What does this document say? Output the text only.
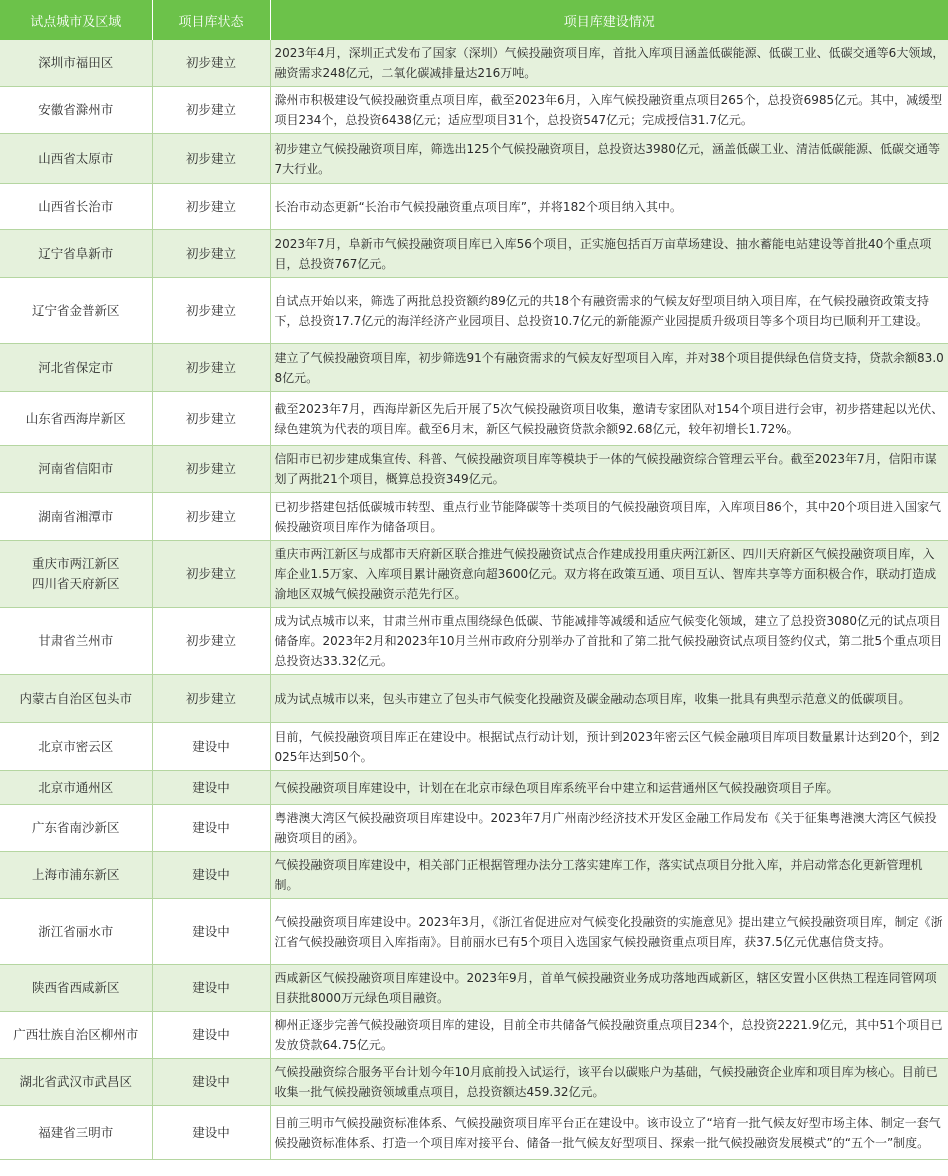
试点城市及区域	项目库状态	项目库建设情况

深圳市福田区	初步建立	2023年4月，深圳正式发布了国家（深圳）气候投融资项目库，首批入库项目涵盖低碳能源、低碳工业、低碳交通等6大领域，融资需求248亿元，二氧化碳减排量达216万吨。

安徽省滁州市	初步建立	滁州市积极建设气候投融资重点项目库，截至2023年6月，入库气候投融资重点项目265个，总投资6985亿元。其中，减缓型项目234个，总投资6438亿元；适应型项目31个，总投资547亿元；完成授信31.7亿元。

山西省太原市	初步建立	初步建立气候投融资项目库，筛选出125个气候投融资项目，总投资达3980亿元，涵盖低碳工业、清洁低碳能源、低碳交通等7大行业。

山西省长治市	初步建立	长治市动态更新“长治市气候投融资重点项目库”，并将182个项目纳入其中。

辽宁省阜新市	初步建立	2023年7月，阜新市气候投融资项目库已入库56个项目，正实施包括百万亩草场建设、抽水蓄能电站建设等首批40个重点项目，总投资767亿元。

辽宁省金普新区	初步建立	自试点开始以来，筛选了两批总投资额约89亿元的共18个有融资需求的气候友好型项目纳入项目库，在气候投融资政策支持下，总投资17.7亿元的海洋经济产业园项目、总投资10.7亿元的新能源产业园提质升级项目等多个项目均已顺利开工建设。

河北省保定市	初步建立	建立了气候投融资项目库，初步筛选91个有融资需求的气候友好型项目入库，并对38个项目提供绿色信贷支持，贷款余额83.08亿元。

山东省西海岸新区	初步建立	截至2023年7月，西海岸新区先后开展了5次气候投融资项目收集，邀请专家团队对154个项目进行会审，初步搭建起以光伏、绿色建筑为代表的项目库。截至6月末，新区气候投融资贷款余额92.68亿元，较年初增长1.72%。

河南省信阳市	初步建立	信阳市已初步建成集宣传、科普、气候投融资项目库等模块于一体的气候投融资综合管理云平台。截至2023年7月，信阳市谋划了两批21个项目，概算总投资349亿元。

湖南省湘潭市	初步建立	已初步搭建包括低碳城市转型、重点行业节能降碳等十类项目的气候投融资项目库，入库项目86个，其中20个项目进入国家气候投融资项目库作为储备项目。

重庆市两江新区
四川省天府新区	初步建立	重庆市两江新区与成都市天府新区联合推进气候投融资试点合作建成投用重庆两江新区、四川天府新区气候投融资项目库，入库企业1.5万家、入库项目累计融资意向超3600亿元。双方将在政策互通、项目互认、智库共享等方面积极合作，联动打造成渝地区双城气候投融资示范先行区。

甘肃省兰州市	初步建立	成为试点城市以来，甘肃兰州市重点围绕绿色低碳、节能减排等减缓和适应气候变化领域，建立了总投资3080亿元的试点项目储备库。2023年2月和2023年10月兰州市政府分别举办了首批和了第二批气候投融资试点项目签约仪式，第二批5个重点项目总投资达33.32亿元。

内蒙古自治区包头市	初步建立	成为试点城市以来，包头市建立了包头市气候变化投融资及碳金融动态项目库，收集一批具有典型示范意义的低碳项目。

北京市密云区	建设中	目前，气候投融资项目库正在建设中。根据试点行动计划，预计到2023年密云区气候金融项目库项目数量累计达到20个，到2025年达到50个。

北京市通州区	建设中	气候投融资项目库建设中，计划在在北京市绿色项目库系统平台中建立和运营通州区气候投融资项目子库。

广东省南沙新区	建设中	粤港澳大湾区气候投融资项目库建设中。2023年7月广州南沙经济技术开发区金融工作局发布《关于征集粤港澳大湾区气候投融资项目的函》。

上海市浦东新区	建设中	气候投融资项目库建设中，相关部门正根据管理办法分工落实建库工作，落实试点项目分批入库，并启动常态化更新管理机制。

浙江省丽水市	建设中	气候投融资项目库建设中。2023年3月，《浙江省促进应对气候变化投融资的实施意见》提出建立气候投融资项目库，制定《浙江省气候投融资项目入库指南》。目前丽水已有5个项目入选国家气候投融资重点项目库，获37.5亿元优惠信贷支持。

陕西省西咸新区	建设中	西咸新区气候投融资项目库建设中。2023年9月，首单气候投融资业务成功落地西咸新区，辖区安置小区供热工程连同管网项目获批8000万元绿色项目融资。

广西壮族自治区柳州市	建设中	柳州正逐步完善气候投融资项目库的建设，目前全市共储备气候投融资重点项目234个，总投资2221.9亿元，其中51个项目已发放贷款64.75亿元。

湖北省武汉市武昌区	建设中	气候投融资综合服务平台计划今年10月底前投入试运行，该平台以碳账户为基础，气候投融资企业库和项目库为核心。目前已收集一批气候投融资领域重点项目，总投资额达459.32亿元。

福建省三明市	建设中	目前三明市气候投融资标准体系、气候投融资项目库平台正在建设中。该市设立了“培育一批气候友好型市场主体、制定一套气候投融资标准体系、打造一个项目库对接平台、储备一批气候友好型项目、探索一批气候投融资发展模式”的“五个一”制度。
